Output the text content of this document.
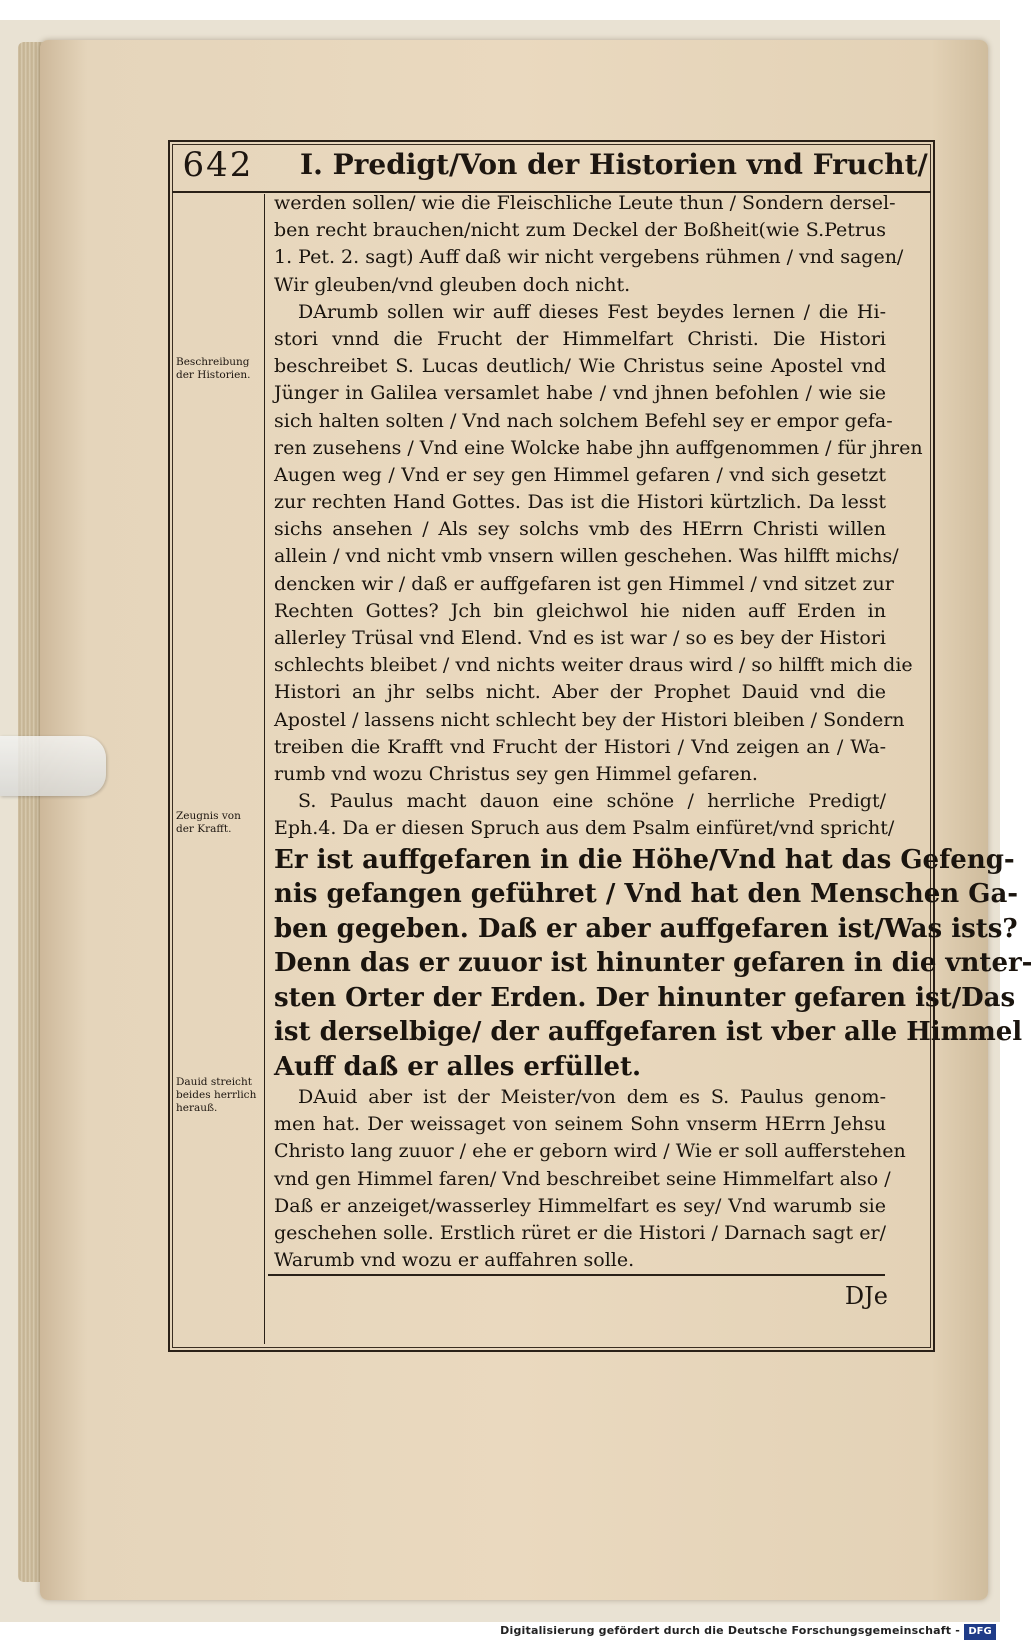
642	I. Predigt/Von der Historien vnd Frucht/
werden sollen/ wie die Fleischliche Leute thun / Sondern dersel-
ben recht brauchen/nicht zum Deckel der Boßheit(wie S.Petrus
1. Pet. 2. sagt) Auff daß wir nicht vergebens rühmen / vnd sagen/
Wir gleuben/vnd gleuben doch nicht.
DArumb sollen wir auff dieses Fest beydes lernen / die Hi-
stori vnnd die Frucht der Himmelfart Christi. Die Histori
beschreibet S. Lucas deutlich/ Wie Christus seine Apostel vnd
Jünger in Galilea versamlet habe / vnd jhnen befohlen / wie sie
sich halten solten / Vnd nach solchem Befehl sey er empor gefa-
ren zusehens / Vnd eine Wolcke habe jhn auffgenommen / für jhren
Augen weg / Vnd er sey gen Himmel gefaren / vnd sich gesetzt
zur rechten Hand Gottes. Das ist die Histori kürtzlich. Da lesst
sichs ansehen / Als sey solchs vmb des HErrn Christi willen
allein / vnd nicht vmb vnsern willen geschehen. Was hilfft michs/
dencken wir / daß er auffgefaren ist gen Himmel / vnd sitzet zur
Rechten Gottes? Jch bin gleichwol hie niden auff Erden in
allerley Trüsal vnd Elend. Vnd es ist war / so es bey der Histori
schlechts bleibet / vnd nichts weiter draus wird / so hilfft mich die
Histori an jhr selbs nicht. Aber der Prophet Dauid vnd die
Apostel / lassens nicht schlecht bey der Histori bleiben / Sondern
treiben die Krafft vnd Frucht der Histori / Vnd zeigen an / Wa-
rumb vnd wozu Christus sey gen Himmel gefaren.
S. Paulus macht dauon eine schöne / herrliche Predigt/
Eph.4. Da er diesen Spruch aus dem Psalm einfüret/vnd spricht/
Er ist auffgefaren in die Höhe/Vnd hat das Gefeng-
nis gefangen geführet / Vnd hat den Menschen Ga-
ben gegeben. Daß er aber auffgefaren ist/Was ists?
Denn das er zuuor ist hinunter gefaren in die vnter-
sten Orter der Erden. Der hinunter gefaren ist/Das
ist derselbige/ der auffgefaren ist vber alle Himmel
Auff daß er alles erfüllet.
DAuid aber ist der Meister/von dem es S. Paulus genom-
men hat. Der weissaget von seinem Sohn vnserm HErrn Jehsu
Christo lang zuuor / ehe er geborn wird / Wie er soll aufferstehen
vnd gen Himmel faren/ Vnd beschreibet seine Himmelfart also /
Daß er anzeiget/wasserley Himmelfart es sey/ Vnd warumb sie
geschehen solle. Erstlich rüret er die Histori / Darnach sagt er/
Warumb vnd wozu er auffahren solle.
Beschreibung
der Historien.
Zeugnis von
der Krafft.
Dauid streicht
beides herrlich
herauß.
DJe
Digitalisierung gefördert durch die Deutsche Forschungsgemeinschaft - DFG
